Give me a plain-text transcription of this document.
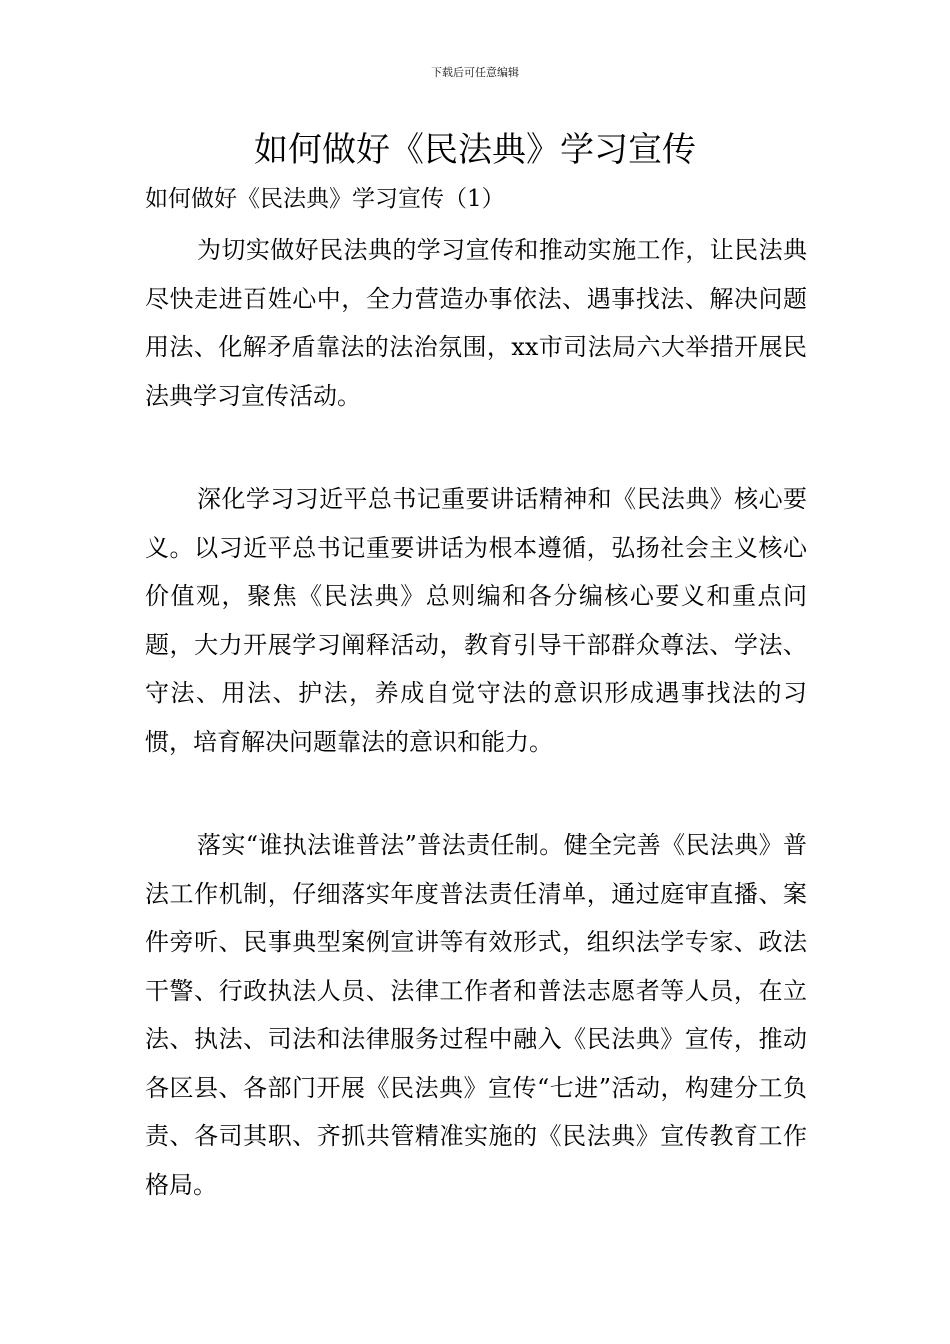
下载后可任意编辑
如何做好《民法典》学习宣传

如何做好《民法典》学习宣传（1）

为切实做好民法典的学习宣传和推动实施工作，让民法典尽快走进百姓心中，全力营造办事依法、遇事找法、解决问题用法、化解矛盾靠法的法治氛围，xx市司法局六大举措开展民法典学习宣传活动。

深化学习习近平总书记重要讲话精神和《民法典》核心要义。以习近平总书记重要讲话为根本遵循，弘扬社会主义核心价值观，聚焦《民法典》总则编和各分编核心要义和重点问题，大力开展学习阐释活动，教育引导干部群众尊法、学法、守法、用法、护法，养成自觉守法的意识形成遇事找法的习惯，培育解决问题靠法的意识和能力。

落实“谁执法谁普法”普法责任制。健全完善《民法典》普法工作机制，仔细落实年度普法责任清单，通过庭审直播、案件旁听、民事典型案例宣讲等有效形式，组织法学专家、政法干警、行政执法人员、法律工作者和普法志愿者等人员，在立法、执法、司法和法律服务过程中融入《民法典》宣传，推动各区县、各部门开展《民法典》宣传“七进”活动，构建分工负责、各司其职、齐抓共管精准实施的《民法典》宣传教育工作格局。
